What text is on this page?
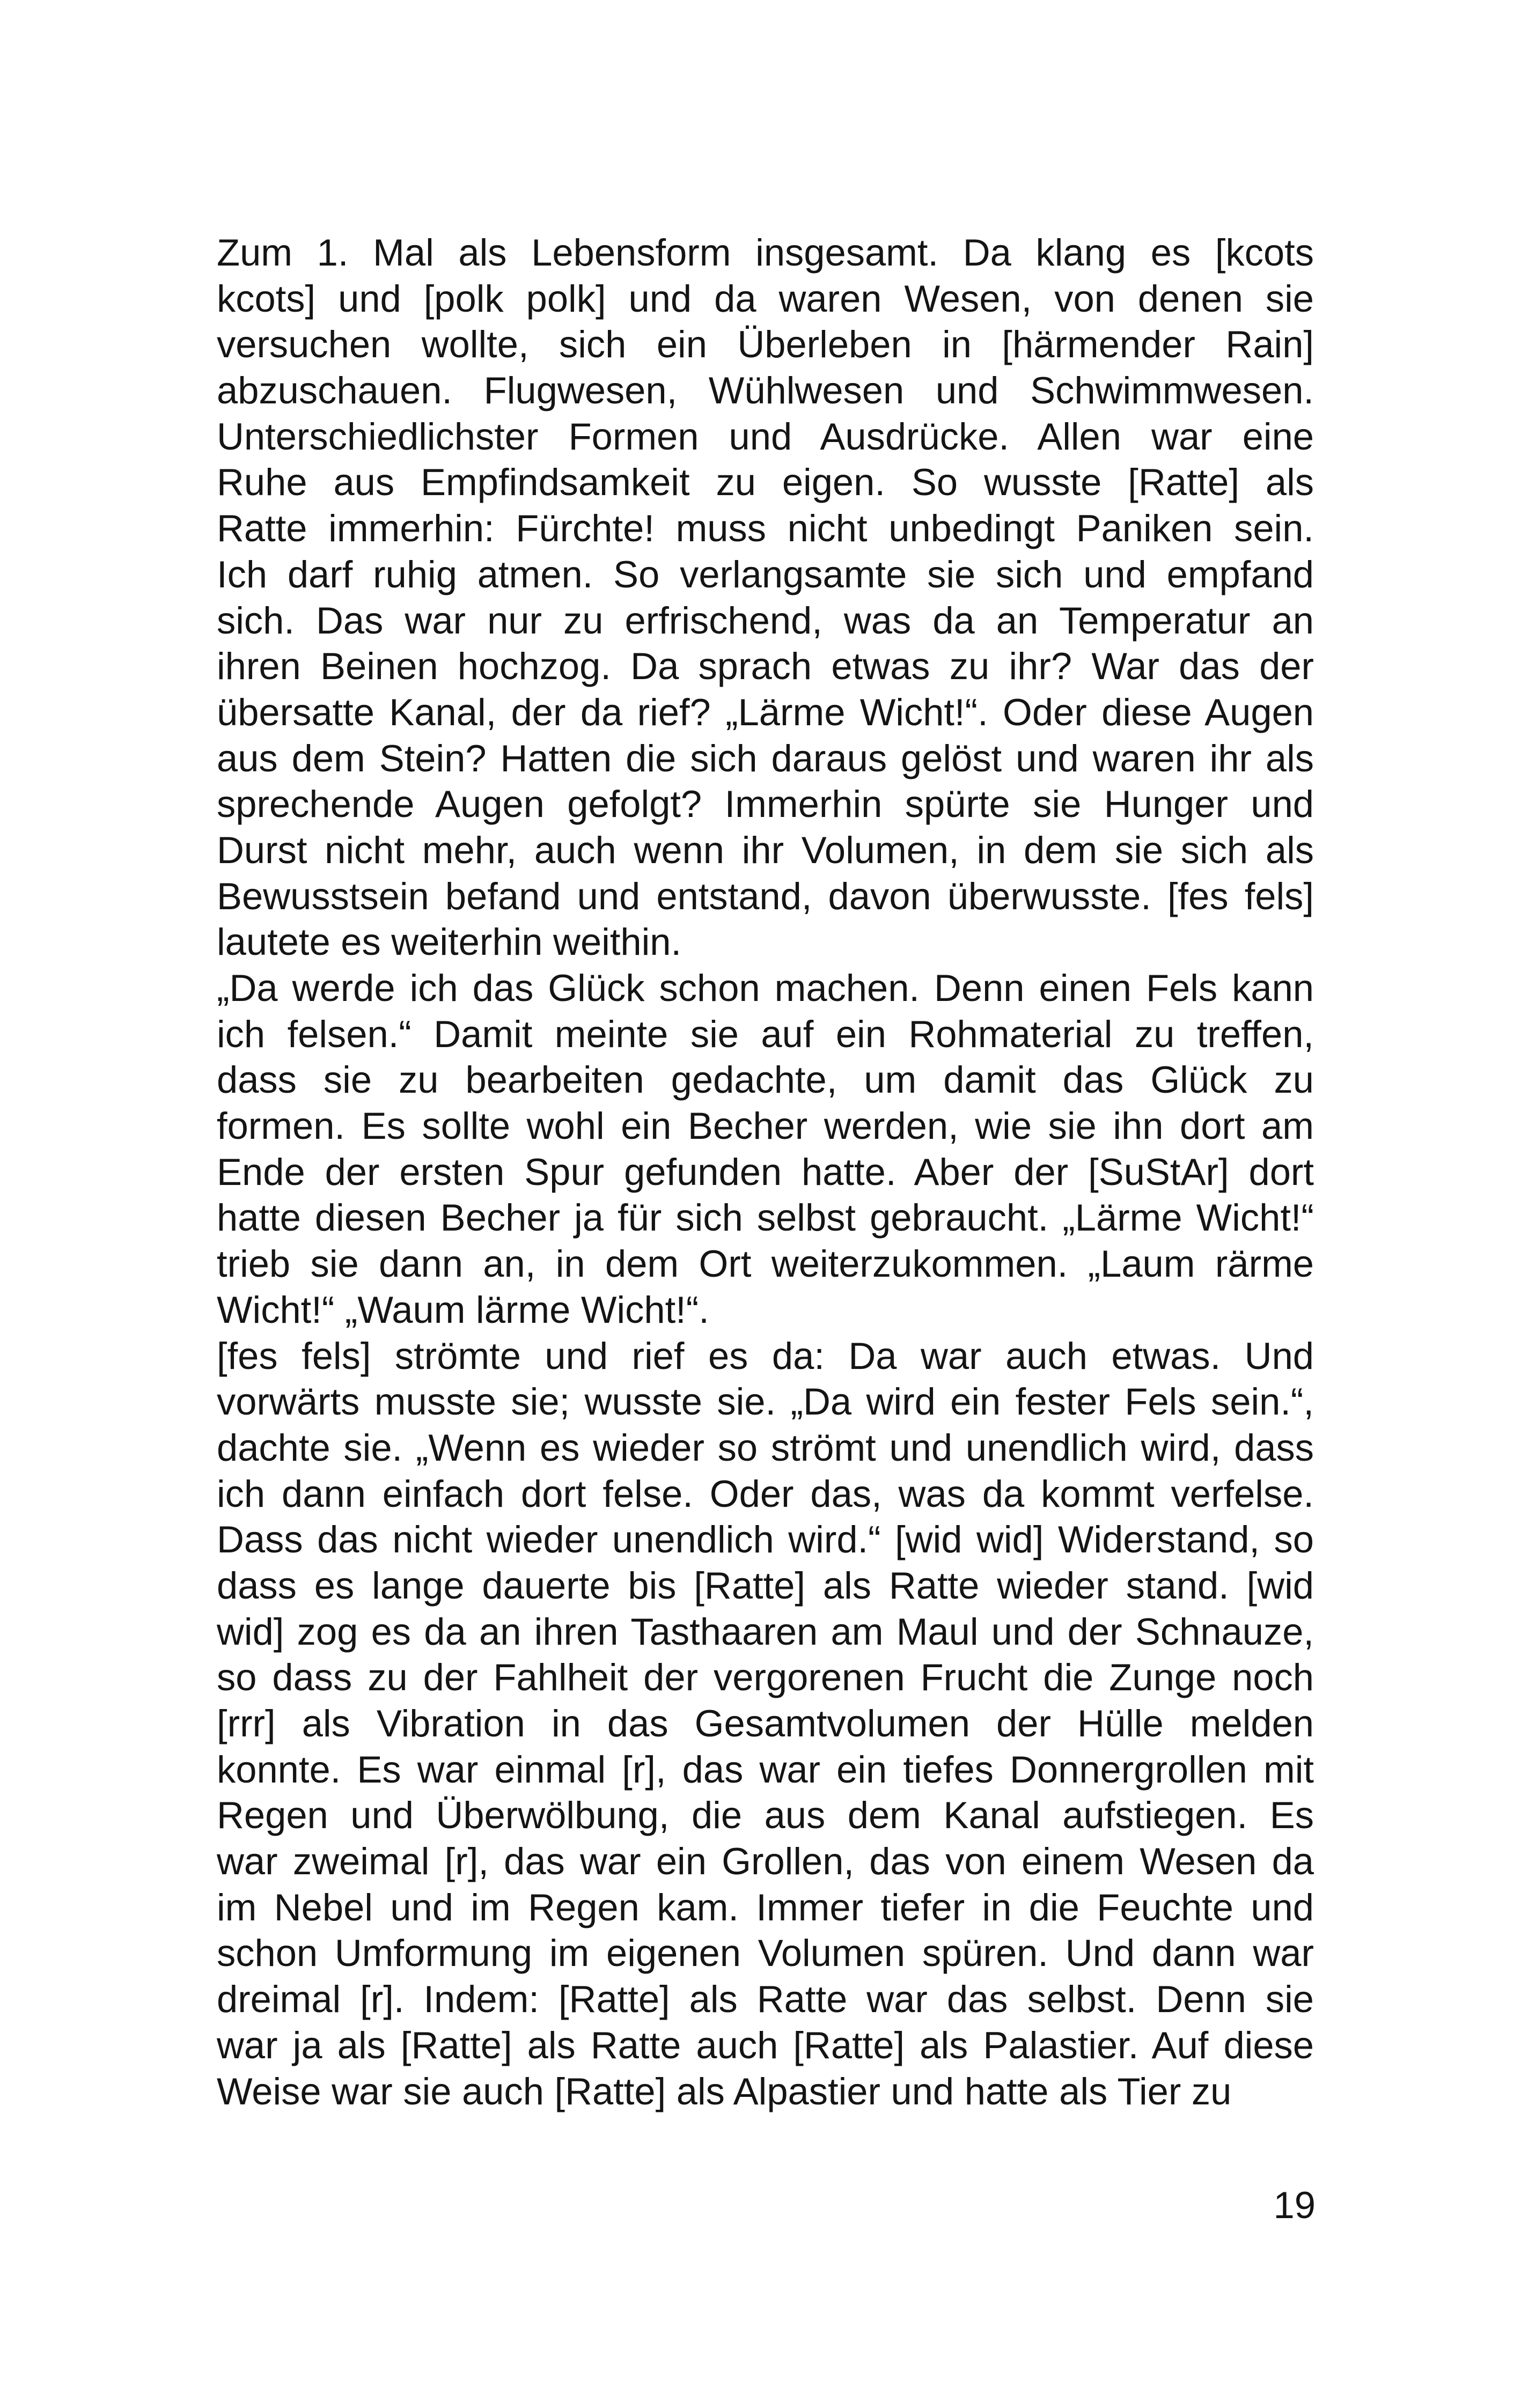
Zum 1. Mal als Lebensform insgesamt. Da klang es [kcots
kcots] und [polk polk] und da waren Wesen, von denen sie
versuchen wollte, sich ein Überleben in [härmender Rain]
abzuschauen. Flugwesen, Wühlwesen und Schwimmwesen.
Unterschiedlichster Formen und Ausdrücke. Allen war eine
Ruhe aus Empfindsamkeit zu eigen. So wusste [Ratte] als
Ratte immerhin: Fürchte! muss nicht unbedingt Paniken sein.
Ich darf ruhig atmen. So verlangsamte sie sich und empfand
sich. Das war nur zu erfrischend, was da an Temperatur an
ihren Beinen hochzog. Da sprach etwas zu ihr? War das der
übersatte Kanal, der da rief? „Lärme Wicht!“. Oder diese Augen
aus dem Stein? Hatten die sich daraus gelöst und waren ihr als
sprechende Augen gefolgt? Immerhin spürte sie Hunger und
Durst nicht mehr, auch wenn ihr Volumen, in dem sie sich als
Bewusstsein befand und entstand, davon überwusste. [fes fels]
lautete es weiterhin weithin.
„Da werde ich das Glück schon machen. Denn einen Fels kann
ich felsen.“ Damit meinte sie auf ein Rohmaterial zu treffen,
dass sie zu bearbeiten gedachte, um damit das Glück zu
formen. Es sollte wohl ein Becher werden, wie sie ihn dort am
Ende der ersten Spur gefunden hatte. Aber der [SuStAr] dort
hatte diesen Becher ja für sich selbst gebraucht. „Lärme Wicht!“
trieb sie dann an, in dem Ort weiterzukommen. „Laum rärme
Wicht!“ „Waum lärme Wicht!“.
[fes fels] strömte und rief es da: Da war auch etwas. Und
vorwärts musste sie; wusste sie. „Da wird ein fester Fels sein.“,
dachte sie. „Wenn es wieder so strömt und unendlich wird, dass
ich dann einfach dort felse. Oder das, was da kommt verfelse.
Dass das nicht wieder unendlich wird.“ [wid wid] Widerstand, so
dass es lange dauerte bis [Ratte] als Ratte wieder stand. [wid
wid] zog es da an ihren Tasthaaren am Maul und der Schnauze,
so dass zu der Fahlheit der vergorenen Frucht die Zunge noch
[rrr] als Vibration in das Gesamtvolumen der Hülle melden
konnte. Es war einmal [r], das war ein tiefes Donnergrollen mit
Regen und Überwölbung, die aus dem Kanal aufstiegen. Es
war zweimal [r], das war ein Grollen, das von einem Wesen da
im Nebel und im Regen kam. Immer tiefer in die Feuchte und
schon Umformung im eigenen Volumen spüren. Und dann war
dreimal [r]. Indem: [Ratte] als Ratte war das selbst. Denn sie
war ja als [Ratte] als Ratte auch [Ratte] als Palastier. Auf diese
Weise war sie auch [Ratte] als Alpastier und hatte als Tier zu
19
